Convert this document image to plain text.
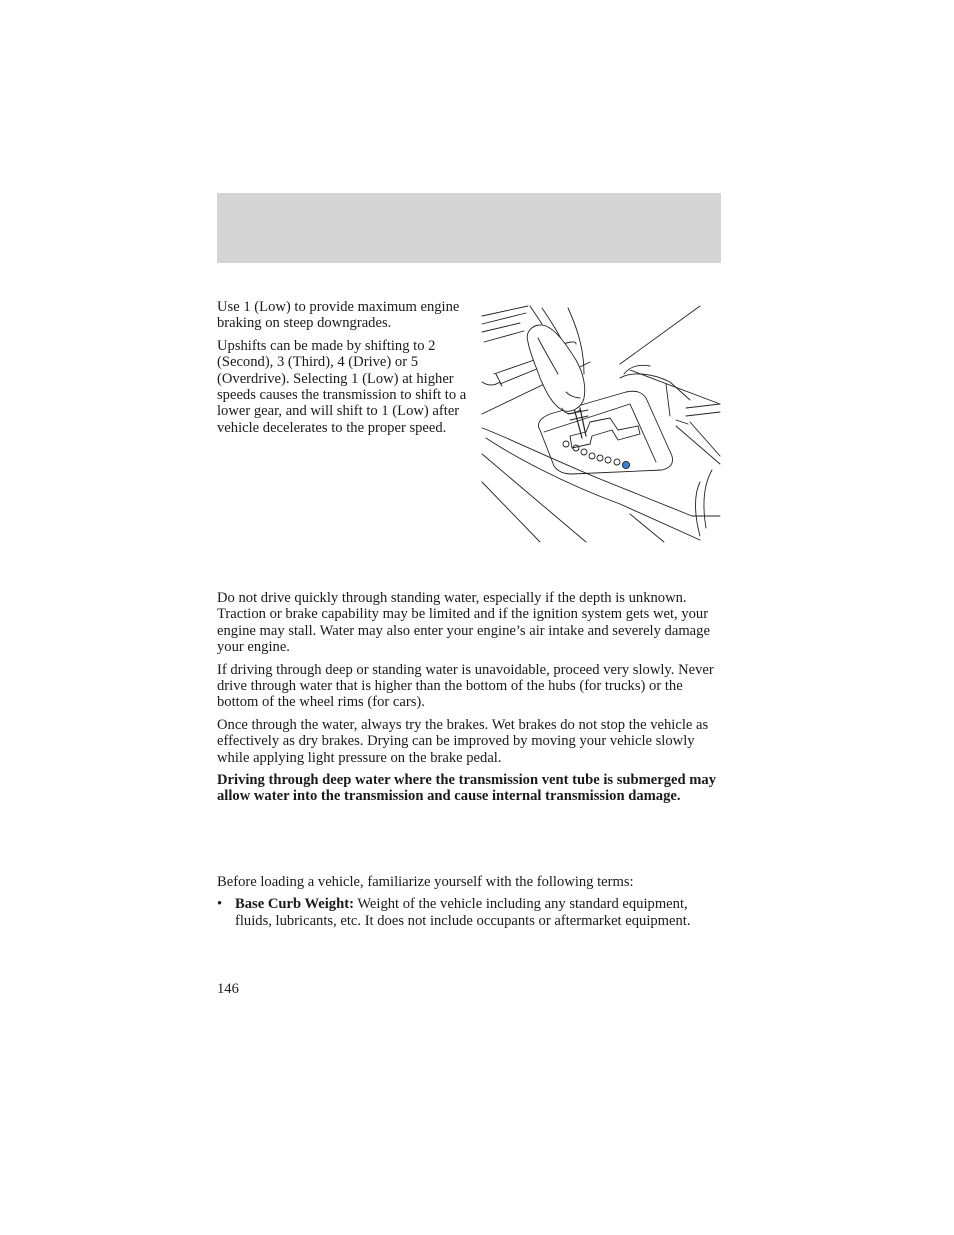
Use 1 (Low) to provide maximum engine braking on steep downgrades.

Upshifts can be made by shifting to 2 (Second), 3 (Third), 4 (Drive) or 5 (Overdrive). Selecting 1 (Low) at higher speeds causes the transmission to shift to a lower gear, and will shift to 1 (Low) after vehicle decelerates to the proper speed.

Do not drive quickly through standing water, especially if the depth is unknown. Traction or brake capability may be limited and if the ignition system gets wet, your engine may stall. Water may also enter your engine’s air intake and severely damage your engine.

If driving through deep or standing water is unavoidable, proceed very slowly. Never drive through water that is higher than the bottom of the hubs (for trucks) or the bottom of the wheel rims (for cars).

Once through the water, always try the brakes. Wet brakes do not stop the vehicle as effectively as dry brakes. Drying can be improved by moving your vehicle slowly while applying light pressure on the brake pedal.

Driving through deep water where the transmission vent tube is submerged may allow water into the transmission and cause internal transmission damage.

Before loading a vehicle, familiarize yourself with the following terms:

• Base Curb Weight: Weight of the vehicle including any standard equipment, fluids, lubricants, etc. It does not include occupants or aftermarket equipment.
146
